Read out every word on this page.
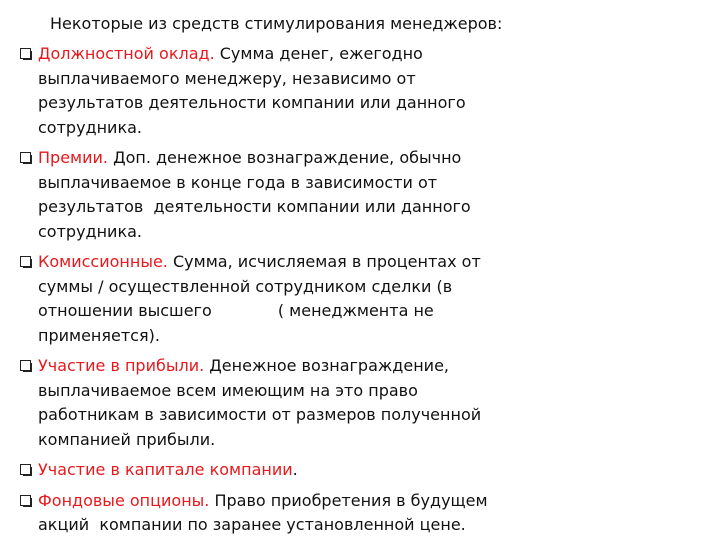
Некоторые из средств стимулирования менеджеров:
Должностной оклад. Сумма денег, ежегодно
выплачиваемого менеджеру, независимо от
результатов деятельности компании или данного
сотрудника.
Премии. Доп. денежное вознаграждение, обычно
выплачиваемое в конце года в зависимости от
результатов  деятельности компании или данного
сотрудника.
Комиссионные. Сумма, исчисляемая в процентах от
суммы / осуществленной сотрудником сделки (в
отношении высшего             ( менеджмента не
применяется).
Участие в прибыли. Денежное вознаграждение,
выплачиваемое всем имеющим на это право
работникам в зависимости от размеров полученной
компанией прибыли.
Участие в капитале компании.
Фондовые опционы. Право приобретения в будущем
акций  компании по заранее установленной цене.
